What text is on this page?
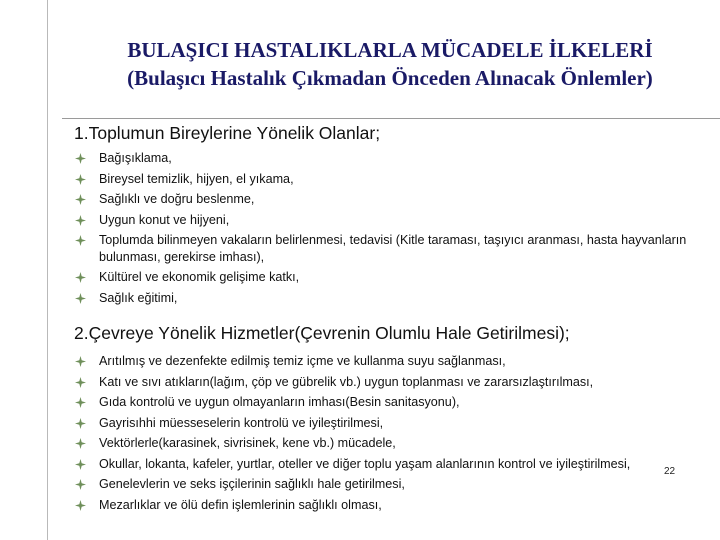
BULAŞICI HASTALIKLARLA MÜCADELE İLKELERİ
(Bulaşıcı Hastalık Çıkmadan Önceden Alınacak Önlemler)
1.Toplumun Bireylerine Yönelik Olanlar;
Bağışıklama,
Bireysel temizlik, hijyen, el yıkama,
Sağlıklı ve doğru beslenme,
Uygun konut ve hijyeni,
Toplumda bilinmeyen vakaların belirlenmesi, tedavisi (Kitle taraması, taşıyıcı aranması, hasta hayvanların bulunması, gerekirse imhası),
Kültürel ve ekonomik gelişime katkı,
Sağlık eğitimi,
2.Çevreye Yönelik Hizmetler(Çevrenin Olumlu Hale Getirilmesi);
Arıtılmış ve dezenfekte edilmiş temiz içme ve kullanma suyu sağlanması,
Katı ve sıvı atıkların(lağım, çöp ve gübrelik vb.) uygun toplanması ve zararsızlaştırılması,
Gıda kontrolü ve uygun olmayanların imhası(Besin sanitasyonu),
Gayrisıhhi müesseselerin kontrolü ve iyileştirilmesi,
Vektörlerle(karasinek, sivrisinek, kene vb.) mücadele,
Okullar, lokanta, kafeler, yurtlar, oteller ve diğer toplu yaşam alanlarının kontrol ve iyileştirilmesi,
Genelevlerin ve seks işçilerinin sağlıklı hale getirilmesi,
Mezarlıklar ve ölü defin işlemlerinin sağlıklı olması,
22
